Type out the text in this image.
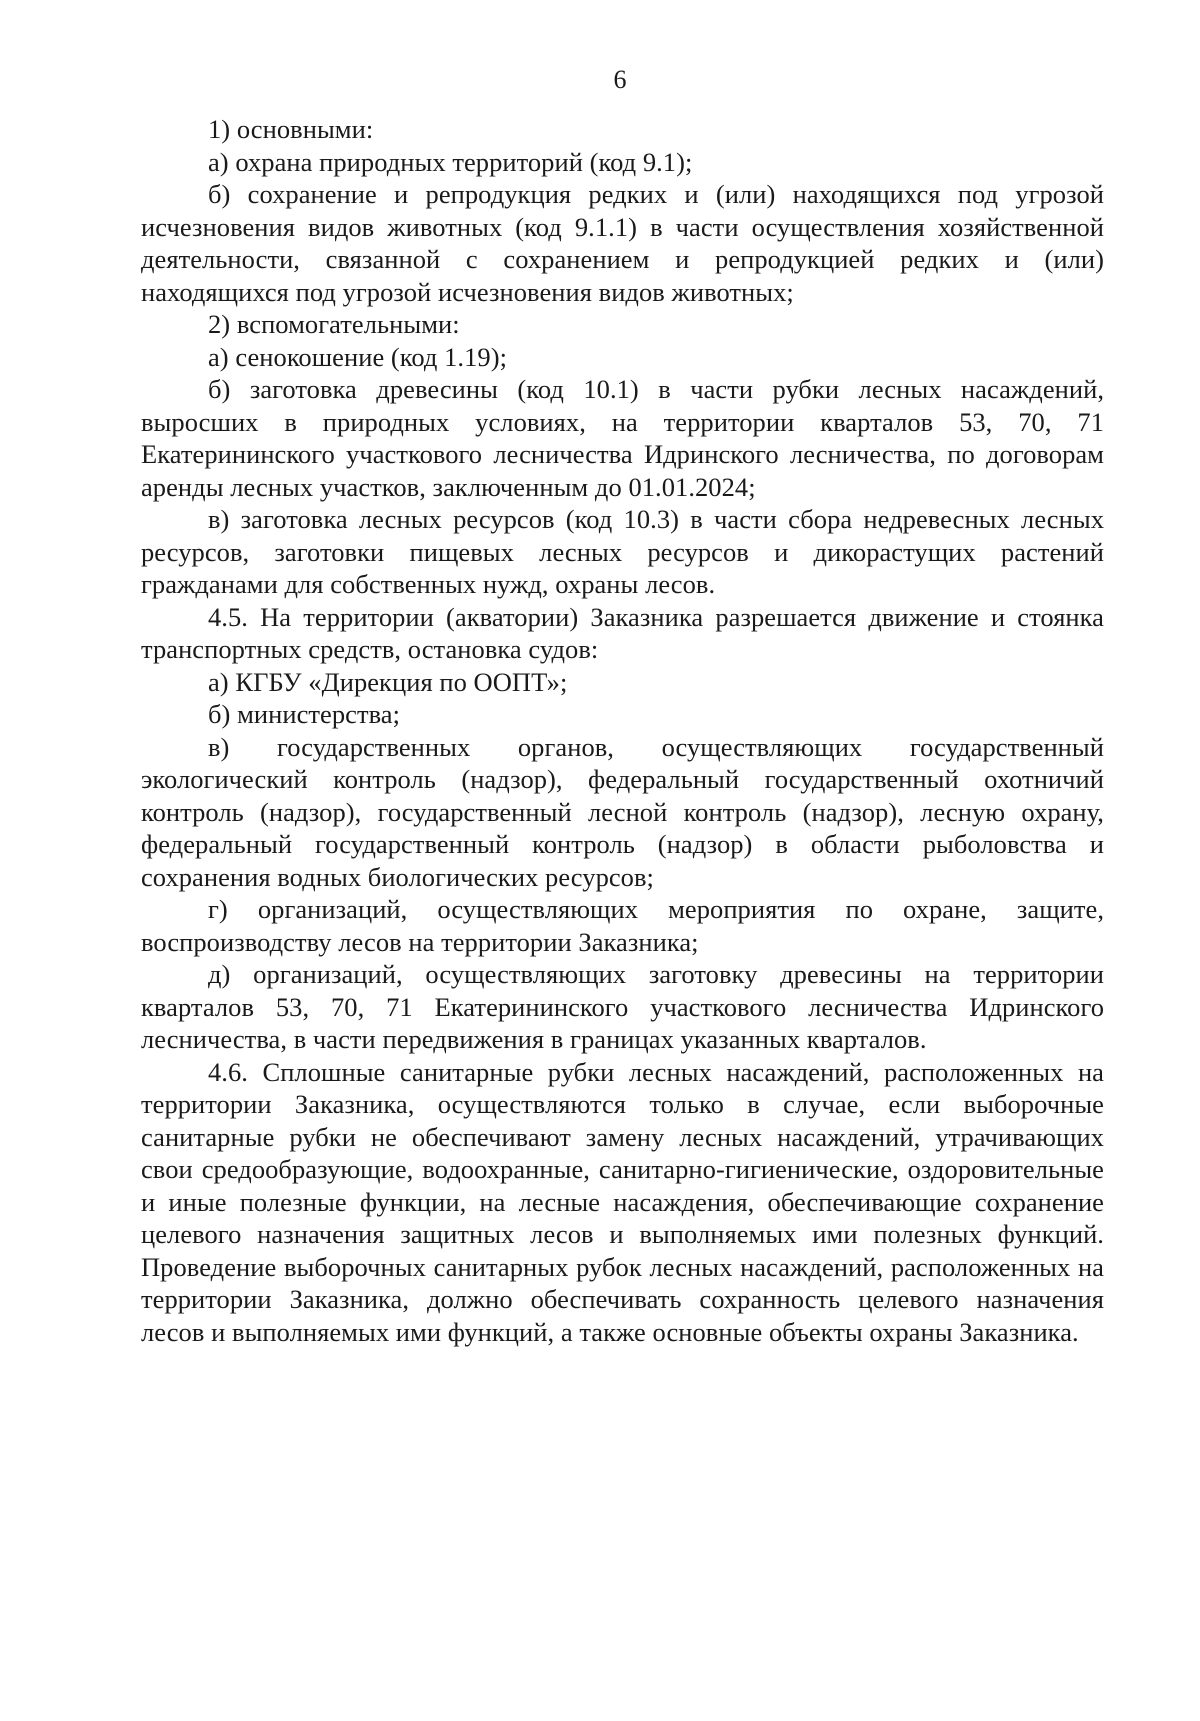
6

1) основными:

а) охрана природных территорий (код 9.1);

б) сохранение и репродукция редких и (или) находящихся под угрозой исчезновения видов животных (код 9.1.1) в части осуществления хозяйственной деятельности, связанной с сохранением и репродукцией редких и (или) находящихся под угрозой исчезновения видов животных;

2) вспомогательными:

а) сенокошение (код 1.19);

б) заготовка древесины (код 10.1) в части рубки лесных насаждений, выросших в природных условиях, на территории кварталов 53, 70, 71 Екатерининского участкового лесничества Идринского лесничества, по договорам аренды лесных участков, заключенным до 01.01.2024;

в) заготовка лесных ресурсов (код 10.3) в части сбора недревесных лесных ресурсов, заготовки пищевых лесных ресурсов и дикорастущих растений гражданами для собственных нужд, охраны лесов.

4.5. На территории (акватории) Заказника разрешается движение и стоянка транспортных средств, остановка судов:

а) КГБУ «Дирекция по ООПТ»;

б) министерства;

в) государственных органов, осуществляющих государственный экологический контроль (надзор), федеральный государственный охотничий контроль (надзор), государственный лесной контроль (надзор), лесную охрану, федеральный государственный контроль (надзор) в области рыболовства и сохранения водных биологических ресурсов;

г) организаций, осуществляющих мероприятия по охране, защите, воспроизводству лесов на территории Заказника;

д) организаций, осуществляющих заготовку древесины на территории кварталов 53, 70, 71 Екатерининского участкового лесничества Идринского лесничества, в части передвижения в границах указанных кварталов.

4.6. Сплошные санитарные рубки лесных насаждений, расположенных на территории Заказника, осуществляются только в случае, если выборочные санитарные рубки не обеспечивают замену лесных насаждений, утрачивающих свои средообразующие, водоохранные, санитарно-гигиенические, оздоровительные и иные полезные функции, на лесные насаждения, обеспечивающие сохранение целевого назначения защитных лесов и выполняемых ими полезных функций. Проведение выборочных санитарных рубок лесных насаждений, расположенных на территории Заказника, должно обеспечивать сохранность целевого назначения лесов и выполняемых ими функций, а также основные объекты охраны Заказника.
